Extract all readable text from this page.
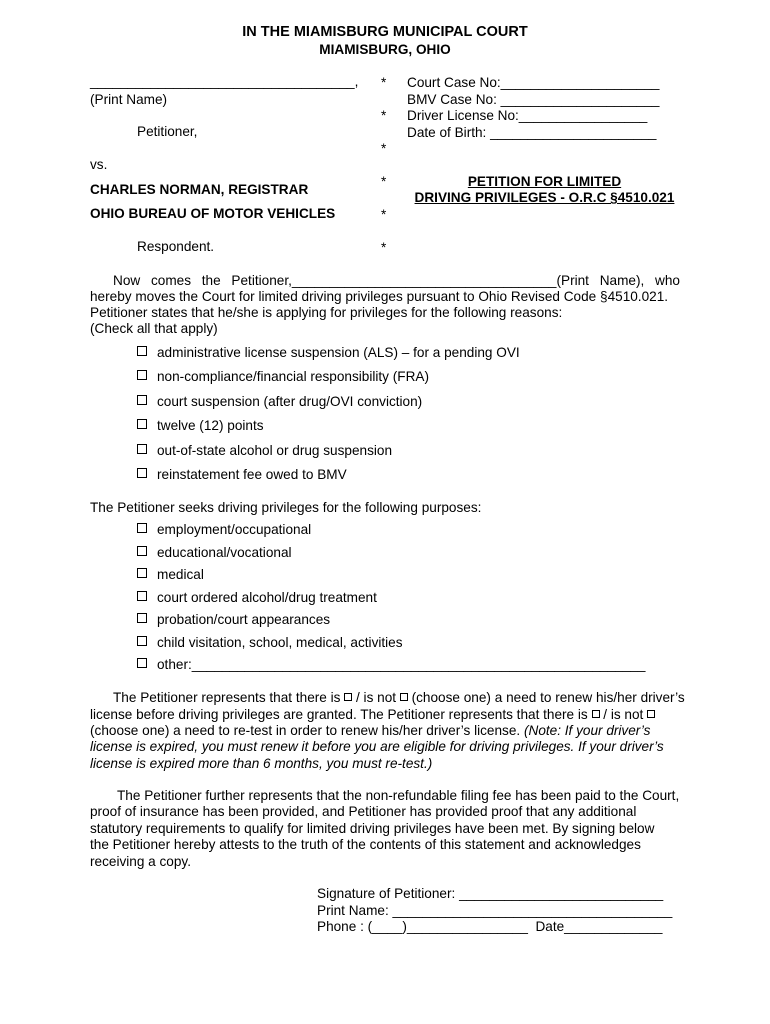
IN THE MIAMISBURG MUNICIPAL COURT
MIAMISBURG, OHIO
___________________________________,
(Print Name)
Petitioner,
vs.
CHARLES NORMAN, REGISTRAR
OHIO BUREAU OF MOTOR VEHICLES
Respondent.
*
*
*
*
*
*
Court Case No:_____________________
BMV Case No: _____________________
Driver License No:_________________
Date of Birth: ______________________
PETITION FOR LIMITED
DRIVING PRIVILEGES - O.R.C §4510.021
Now comes the Petitioner,___________________________________(Print Name), who
hereby moves the Court for limited driving privileges pursuant to Ohio Revised Code §4510.021.
Petitioner states that he/she is applying for privileges for the following reasons:
(Check all that apply)
administrative license suspension (ALS) – for a pending OVI
non-compliance/financial responsibility (FRA)
court suspension (after drug/OVI conviction)
twelve (12) points
out-of-state alcohol or drug suspension
reinstatement fee owed to BMV
The Petitioner seeks driving privileges for the following purposes:
employment/occupational
educational/vocational
medical
court ordered alcohol/drug treatment
probation/court appearances
child visitation, school, medical, activities
other:____________________________________________________________
The Petitioner represents that there is / is not (choose one) a need to renew his/her driver’s
license before driving privileges are granted. The Petitioner represents that there is / is not
(choose one) a need to re-test in order to renew his/her driver’s license. (Note: If your driver’s
license is expired, you must renew it before you are eligible for driving privileges. If your driver’s
license is expired more than 6 months, you must re-test.)
The Petitioner further represents that the non-refundable filing fee has been paid to the Court,
proof of insurance has been provided, and Petitioner has provided proof that any additional
statutory requirements to qualify for limited driving privileges have been met. By signing below
the Petitioner hereby attests to the truth of the contents of this statement and acknowledges
receiving a copy.
Signature of Petitioner: ___________________________
Print Name: _____________________________________
Phone : (____)________________  Date_____________
